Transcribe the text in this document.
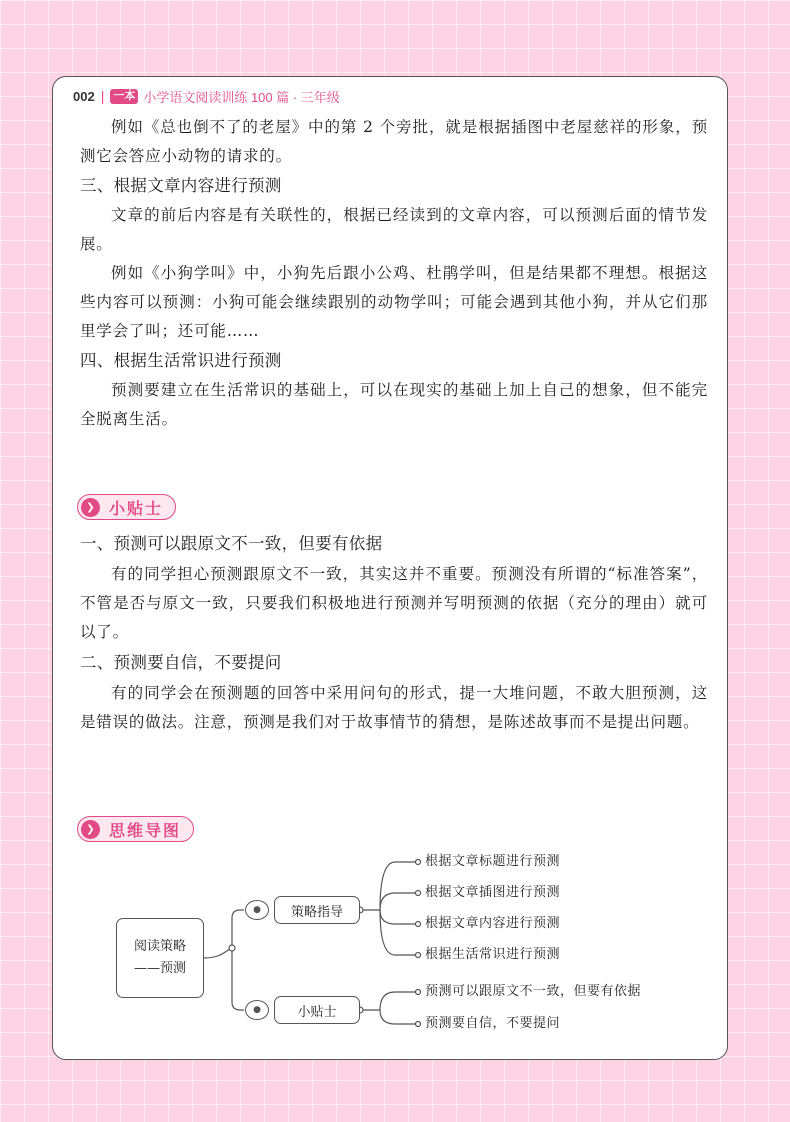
002 | 一本 小学语文阅读训练 100 篇 · 三年级

例如《总也倒不了的老屋》中的第 2 个旁批，就是根据插图中老屋慈祥的形象，预测它会答应小动物的请求的。

三、根据文章内容进行预测

文章的前后内容是有关联性的，根据已经读到的文章内容，可以预测后面的情节发展。

例如《小狗学叫》中，小狗先后跟小公鸡、杜鹃学叫，但是结果都不理想。根据这些内容可以预测：小狗可能会继续跟别的动物学叫；可能会遇到其他小狗，并从它们那里学会了叫；还可能……

四、根据生活常识进行预测

预测要建立在生活常识的基础上，可以在现实的基础上加上自己的想象，但不能完全脱离生活。

❯ 小贴士
一、预测可以跟原文不一致，但要有依据

有的同学担心预测跟原文不一致，其实这并不重要。预测没有所谓的“标准答案”，不管是否与原文一致，只要我们积极地进行预测并写明预测的依据（充分的理由）就可以了。

二、预测要自信，不要提问

有的同学会在预测题的回答中采用问句的形式，提一大堆问题，不敢大胆预测，这是错误的做法。注意，预测是我们对于故事情节的猜想，是陈述故事而不是提出问题。

❯ 思维导图
阅读策略
——预测
●	策略指导
●	小贴士
根据文章标题进行预测
根据文章插图进行预测
根据文章内容进行预测
根据生活常识进行预测
预测可以跟原文不一致，但要有依据
预测要自信，不要提问
